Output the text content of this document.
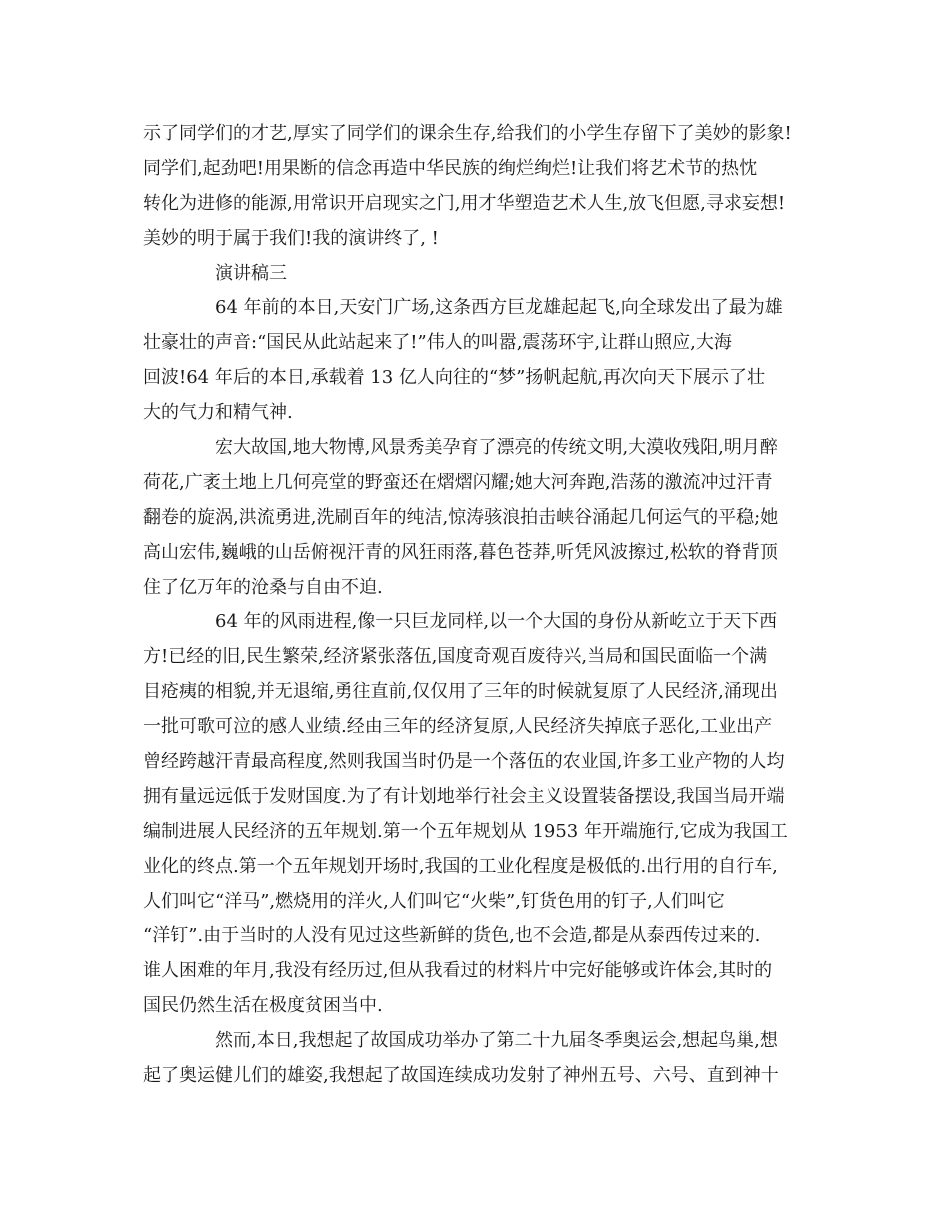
示了同学们的才艺,厚实了同学们的课余生存,给我们的小学生存留下了美妙的影象!
同学们,起劲吧!用果断的信念再造中华民族的绚烂绚烂!让我们将艺术节的热忱
转化为进修的能源,用常识开启现实之门,用才华塑造艺术人生,放飞但愿,寻求妄想!
美妙的明于属于我们!我的演讲终了, !
演讲稿三
64 年前的本日,天安门广场,这条西方巨龙雄起起飞,向全球发出了最为雄
壮豪壮的声音:“国民从此站起来了!”伟人的叫嚣,震荡环宇,让群山照应,大海
回波!64 年后的本日,承载着 13 亿人向往的“梦”扬帆起航,再次向天下展示了壮
大的气力和精气神.
宏大故国,地大物博,风景秀美孕育了漂亮的传统文明,大漠收残阳,明月醉
荷花,广袤土地上几何亮堂的野蛮还在熠熠闪耀;她大河奔跑,浩荡的激流冲过汗青
翻卷的旋涡,洪流勇进,洗刷百年的纯洁,惊涛骇浪拍击峡谷涌起几何运气的平稳;她
高山宏伟,巍峨的山岳俯视汗青的风狂雨落,暮色苍莽,听凭风波擦过,松软的脊背顶
住了亿万年的沧桑与自由不迫.
64 年的风雨进程,像一只巨龙同样,以一个大国的身份从新屹立于天下西
方!已经的旧,民生繁荣,经济紧张落伍,国度奇观百废待兴,当局和国民面临一个满
目疮痍的相貌,并无退缩,勇往直前,仅仅用了三年的时候就复原了人民经济,涌现出
一批可歌可泣的感人业绩.经由三年的经济复原,人民经济失掉底子恶化,工业出产
曾经跨越汗青最高程度,然则我国当时仍是一个落伍的农业国,许多工业产物的人均
拥有量远远低于发财国度.为了有计划地举行社会主义设置装备摆设,我国当局开端
编制进展人民经济的五年规划.第一个五年规划从 1953 年开端施行,它成为我国工
业化的终点.第一个五年规划开场时,我国的工业化程度是极低的.出行用的自行车,
人们叫它“洋马”,燃烧用的洋火,人们叫它“火柴”,钉货色用的钉子,人们叫它
“洋钉”.由于当时的人没有见过这些新鲜的货色,也不会造,都是从泰西传过来的.
谁人困难的年月,我没有经历过,但从我看过的材料片中完好能够或许体会,其时的
国民仍然生活在极度贫困当中.
然而,本日,我想起了故国成功举办了第二十九届冬季奥运会,想起鸟巢,想
起了奥运健儿们的雄姿,我想起了故国连续成功发射了神州五号、六号、直到神十
